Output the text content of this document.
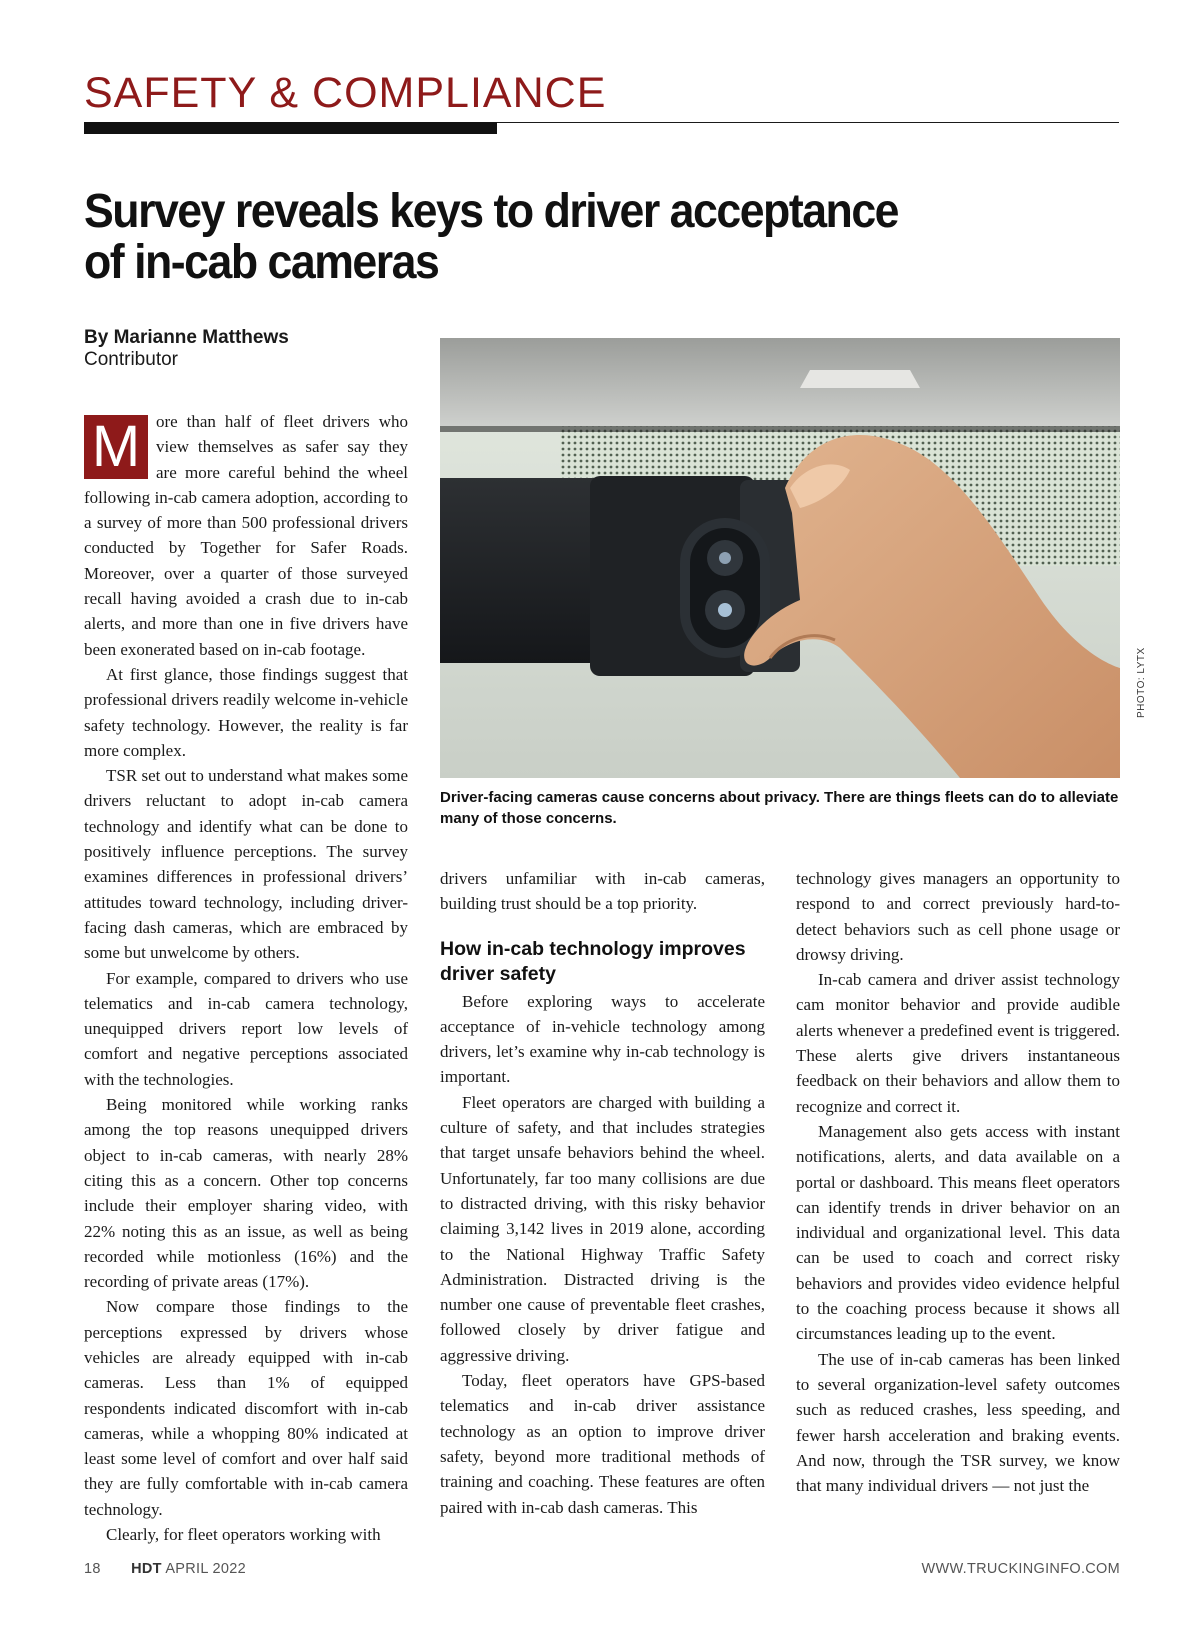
SAFETY & COMPLIANCE
Survey reveals keys to driver acceptance of in-cab cameras
By Marianne Matthews
Contributor
PHOTO: LYTX

Driver-facing cameras cause concerns about privacy. There are things fleets can do to alleviate many of those concerns.

M ore than half of fleet drivers who view themselves as safer say they are more careful behind the wheel following in-cab camera adoption, according to a survey of more than 500 professional drivers conducted by Together for Safer Roads. Moreover, over a quarter of those surveyed recall having avoided a crash due to in-cab alerts, and more than one in five drivers have been exonerated based on in-cab footage.

At first glance, those findings suggest that professional drivers readily welcome in-vehicle safety technology. However, the reality is far more complex.

TSR set out to understand what makes some drivers reluctant to adopt in-cab camera technology and identify what can be done to positively influence perceptions. The survey examines differences in professional drivers’ attitudes toward technology, including driver-facing dash cameras, which are embraced by some but unwelcome by others.

For example, compared to drivers who use telematics and in-cab camera technology, unequipped drivers report low levels of comfort and negative perceptions associated with the technologies.

Being monitored while working ranks among the top reasons unequipped drivers object to in-cab cameras, with nearly 28% citing this as a concern. Other top concerns include their employer sharing video, with 22% noting this as an issue, as well as being recorded while motionless (16%) and the recording of private areas (17%).

Now compare those findings to the perceptions expressed by drivers whose vehicles are already equipped with in-cab cameras. Less than 1% of equipped respondents indicated discomfort with in-cab cameras, while a whopping 80% indicated at least some level of comfort and over half said they are fully comfortable with in-cab camera technology.

Clearly, for fleet operators working with

drivers unfamiliar with in-cab cameras, building trust should be a top priority.

How in-cab technology improves driver safety

Before exploring ways to accelerate acceptance of in-vehicle technology among drivers, let’s examine why in-cab technology is important.

Fleet operators are charged with building a culture of safety, and that includes strategies that target unsafe behaviors behind the wheel. Unfortunately, far too many collisions are due to distracted driving, with this risky behavior claiming 3,142 lives in 2019 alone, according to the National Highway Traffic Safety Administration. Distracted driving is the number one cause of preventable fleet crashes, followed closely by driver fatigue and aggressive driving.

Today, fleet operators have GPS-based telematics and in-cab driver assistance technology as an option to improve driver safety, beyond more traditional methods of training and coaching. These features are often paired with in-cab dash cameras. This

technology gives managers an opportunity to respond to and correct previously hard-to-detect behaviors such as cell phone usage or drowsy driving.

In-cab camera and driver assist technology cam monitor behavior and provide audible alerts whenever a predefined event is triggered. These alerts give drivers instantaneous feedback on their behaviors and allow them to recognize and correct it.

Management also gets access with instant notifications, alerts, and data available on a portal or dashboard. This means fleet operators can identify trends in driver behavior on an individual and organizational level. This data can be used to coach and correct risky behaviors and provides video evidence helpful to the coaching process because it shows all circumstances leading up to the event.

The use of in-cab cameras has been linked to several organization-level safety outcomes such as reduced crashes, less speeding, and fewer harsh acceleration and braking events. And now, through the TSR survey, we know that many individual drivers — not just the

18 HDT APRIL 2022	WWW.TRUCKINGINFO.COM
